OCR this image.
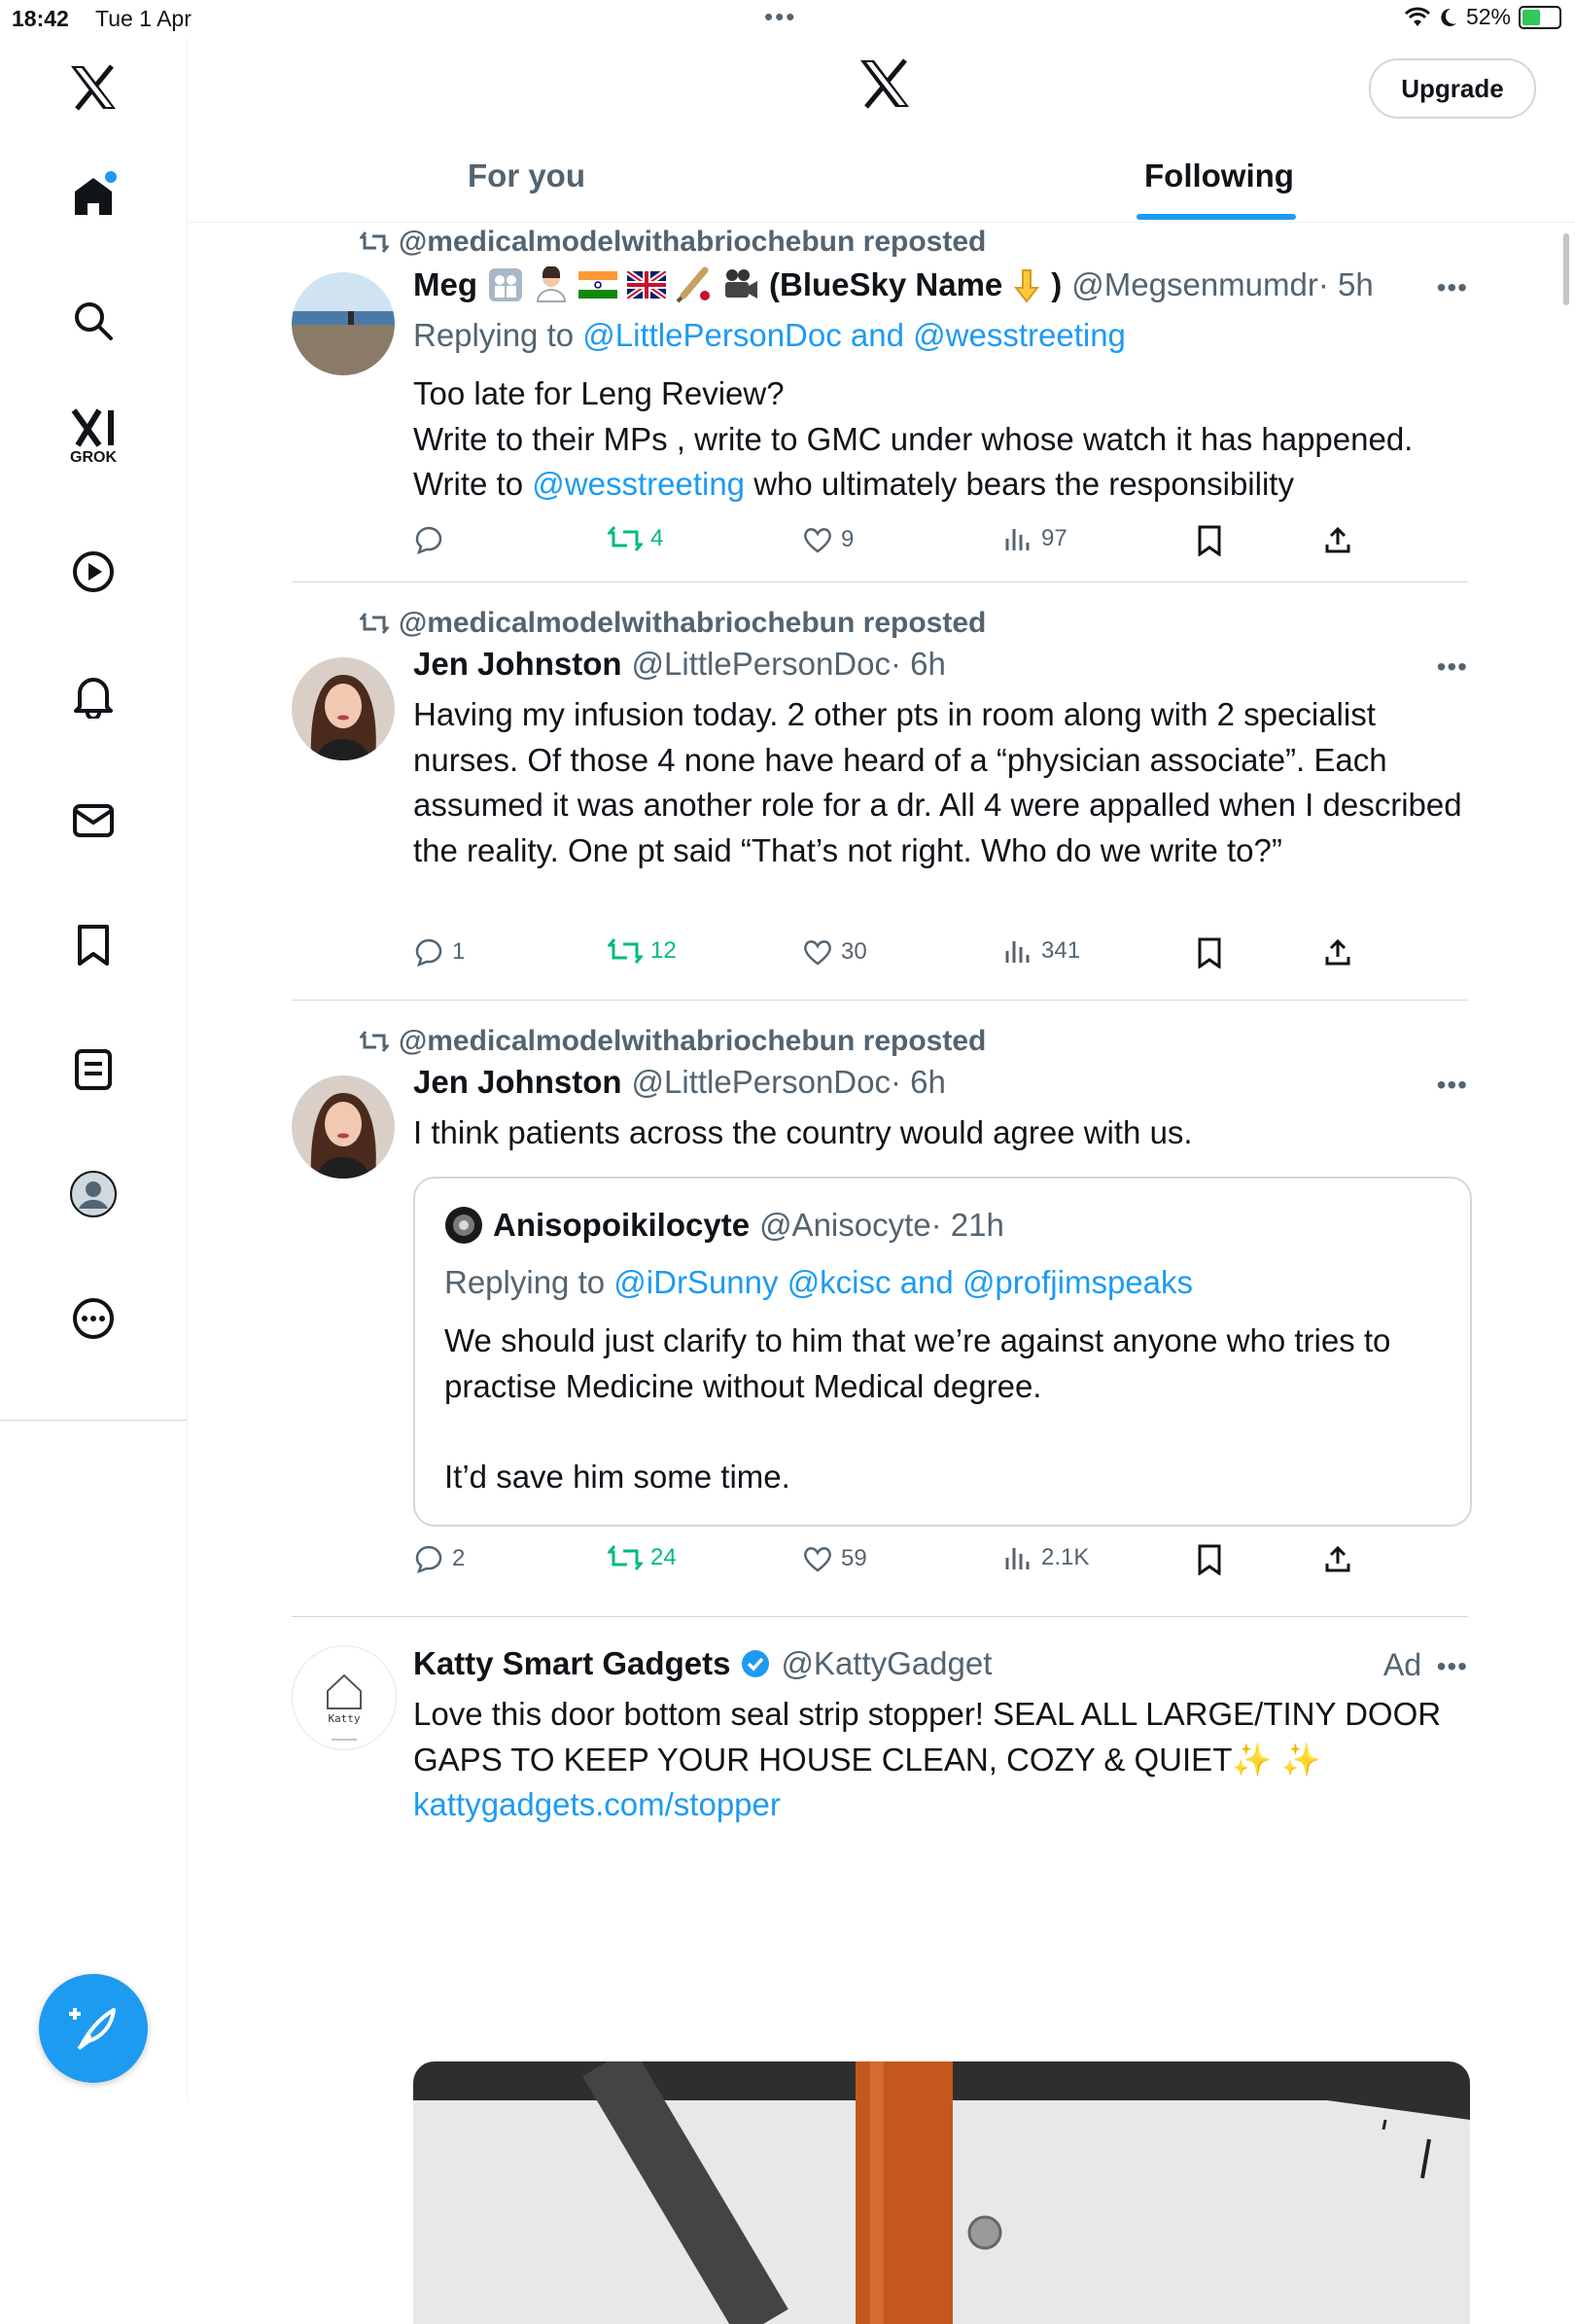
18:42 Tue 1 Apr	•••	52%
GROK
Upgrade
For you	Following
@medicalmodelwithabriochebun reposted
Meg	(BlueSky Name ) @Megsenmumdr · 5h •••
Replying to @LittlePersonDoc and @wesstreeting
Too late for Leng Review?
Write to their MPs , write to GMC under whose watch it has happened.
Write to @wesstreeting who ultimately bears the responsibility
4	9	97
@medicalmodelwithabriochebun reposted
Jen Johnston @LittlePersonDoc · 6h	•••
Having my infusion today. 2 other pts in room along with 2 specialist nurses. Of those 4 none have heard of a “physician associate”. Each assumed it was another role for a dr. All 4 were appalled when I described the reality. One pt said “That’s not right. Who do we write to?”
1	12	30	341
@medicalmodelwithabriochebun reposted
Jen Johnston @LittlePersonDoc · 6h	•••
I think patients across the country would agree with us.
Anisopoikilocyte @Anisocyte · 21h
Replying to @iDrSunny @kcisc and @profjimspeaks
We should just clarify to him that we’re against anyone who tries to practise Medicine without Medical degree.

It’d save him some time.
2	24	59	2.1K
Katty
Katty Smart Gadgets @KattyGadget	Ad •••
Love this door bottom seal strip stopper! SEAL ALL LARGE/TINY DOOR GAPS TO KEEP YOUR HOUSE CLEAN, COZY & QUIET✨ ✨
kattygadgets.com/stopper
